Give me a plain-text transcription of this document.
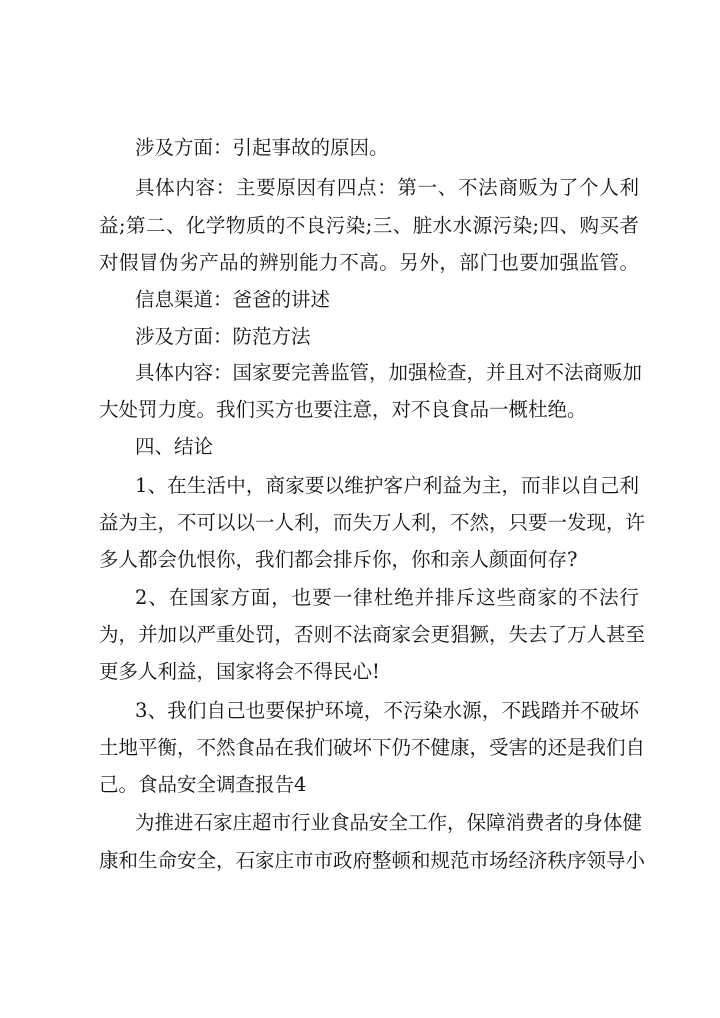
涉及方面：引起事故的原因。
具体内容：主要原因有四点：第一、不法商贩为了个人利
益;第二、化学物质的不良污染;三、脏水水源污染;四、购买者
对假冒伪劣产品的辨别能力不高。另外，部门也要加强监管。
信息渠道：爸爸的讲述
涉及方面：防范方法
具体内容：国家要完善监管，加强检查，并且对不法商贩加
大处罚力度。我们买方也要注意，对不良食品一概杜绝。
四、结论
1、在生活中，商家要以维护客户利益为主，而非以自己利
益为主，不可以以一人利，而失万人利，不然，只要一发现，许
多人都会仇恨你，我们都会排斥你，你和亲人颜面何存?
2、在国家方面，也要一律杜绝并排斥这些商家的不法行
为，并加以严重处罚，否则不法商家会更猖獗，失去了万人甚至
更多人利益，国家将会不得民心!
3、我们自己也要保护环境，不污染水源，不践踏并不破坏
土地平衡，不然食品在我们破坏下仍不健康，受害的还是我们自
己。食品安全调查报告4
为推进石家庄超市行业食品安全工作，保障消费者的身体健
康和生命安全，石家庄市市政府整顿和规范市场经济秩序领导小
